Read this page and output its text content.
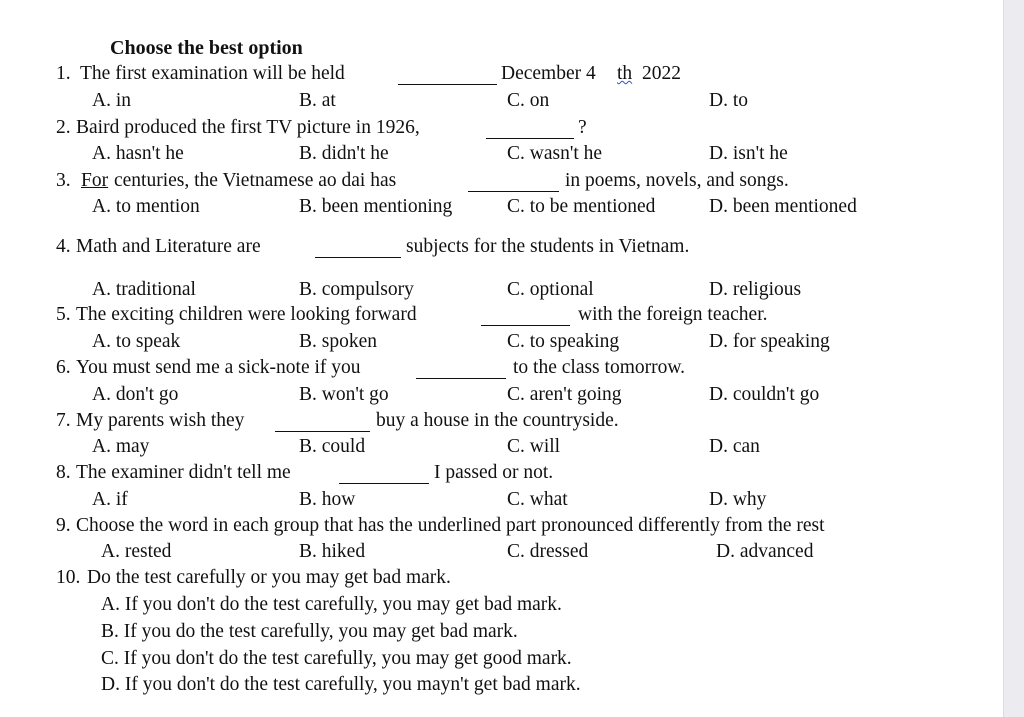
Choose the best option
1. The first examination will be held	December 4 th 2022
A. in	B. at	C. on	D. to
2. Baird produced the first TV picture in 1926,	?
A. hasn't he	B. didn't he	C. wasn't he	D. isn't he
3. For centuries, the Vietnamese ao dai has	in poems, novels, and songs.
A. to mention	B. been mentioning	C. to be mentioned	D. been mentioned
4. Math and Literature are	subjects for the students in Vietnam.
A. traditional	B. compulsory	C. optional	D. religious
5. The exciting children were looking forward	with the foreign teacher.
A. to speak	B. spoken	C. to speaking	D. for speaking
6. You must send me a sick-note if you	to the class tomorrow.
A. don't go	B. won't go	C. aren't going	D. couldn't go
7. My parents wish they	buy a house in the countryside.
A. may	B. could	C. will	D. can
8. The examiner didn't tell me	I passed or not.
A. if	B. how	C. what	D. why
9. Choose the word in each group that has the underlined part pronounced differently from the rest
A. rested	B. hiked	C. dressed	D. advanced
10. Do the test carefully or you may get bad mark.
A. If you don't do the test carefully, you may get bad mark.
B. If you do the test carefully, you may get bad mark.
C. If you don't do the test carefully, you may get good mark.
D. If you don't do the test carefully, you mayn't get bad mark.
